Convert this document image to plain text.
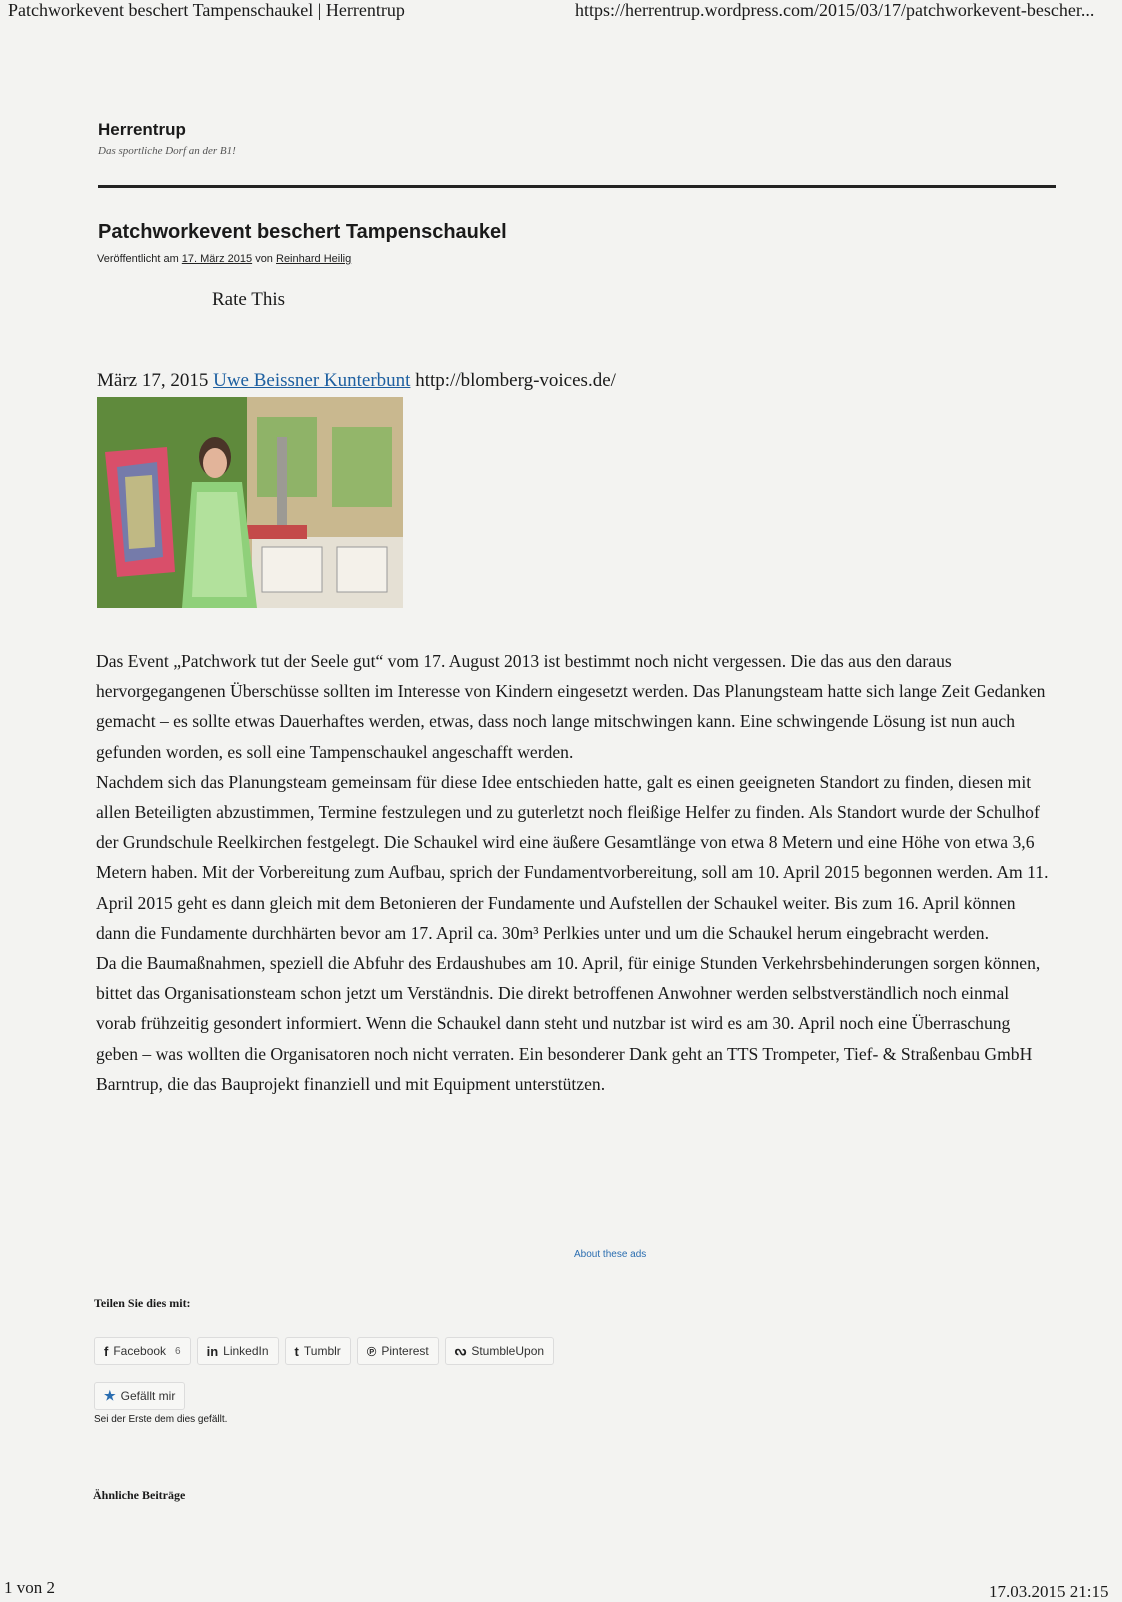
Patchworkevent beschert Tampenschaukel | Herrentrup	https://herrentrup.wordpress.com/2015/03/17/patchworkevent-bescher...
Herrentrup
Das sportliche Dorf an der B1!
Patchworkevent beschert Tampenschaukel
Veröffentlicht am 17. März 2015 von Reinhard Heilig
Rate This
März 17, 2015 Uwe Beissner Kunterbunt http://blomberg-voices.de/

Das Event „Patchwork tut der Seele gut“ vom 17. August 2013 ist bestimmt noch nicht vergessen. Die das aus den daraus hervorgegangenen Überschüsse sollten im Interesse von Kindern eingesetzt werden. Das Planungsteam hatte sich lange Zeit Gedanken gemacht – es sollte etwas Dauerhaftes werden, etwas, dass noch lange mitschwingen kann. Eine schwingende Lösung ist nun auch gefunden worden, es soll eine Tampenschaukel angeschafft werden.

Nachdem sich das Planungsteam gemeinsam für diese Idee entschieden hatte, galt es einen geeigneten Standort zu finden, diesen mit allen Beteiligten abzustimmen, Termine festzulegen und zu guterletzt noch fleißige Helfer zu finden. Als Standort wurde der Schulhof der Grundschule Reelkirchen festgelegt. Die Schaukel wird eine äußere Gesamtlänge von etwa 8 Metern und eine Höhe von etwa 3,6 Metern haben. Mit der Vorbereitung zum Aufbau, sprich der Fundamentvorbereitung, soll am 10. April 2015 begonnen werden. Am 11. April 2015 geht es dann gleich mit dem Betonieren der Fundamente und Aufstellen der Schaukel weiter. Bis zum 16. April können dann die Fundamente durchhärten bevor am 17. April ca. 30m³ Perlkies unter und um die Schaukel herum eingebracht werden.

Da die Baumaßnahmen, speziell die Abfuhr des Erdaushubes am 10. April, für einige Stunden Verkehrsbehinderungen sorgen können, bittet das Organisationsteam schon jetzt um Verständnis. Die direkt betroffenen Anwohner werden selbstverständlich noch einmal vorab frühzeitig gesondert informiert. Wenn die Schaukel dann steht und nutzbar ist wird es am 30. April noch eine Überraschung geben – was wollten die Organisatoren noch nicht verraten. Ein besonderer Dank geht an TTS Trompeter, Tief- & Straßenbau GmbH Barntrup, die das Bauprojekt finanziell und mit Equipment unterstützen.

About these ads
Teilen Sie dies mit:
f Facebook 6 in LinkedIn t Tumblr ℗ Pinterest ᔓ StumbleUpon
★ Gefällt mir
Sei der Erste dem dies gefällt.
Ähnliche Beiträge
1 von 2	17.03.2015 21:15
